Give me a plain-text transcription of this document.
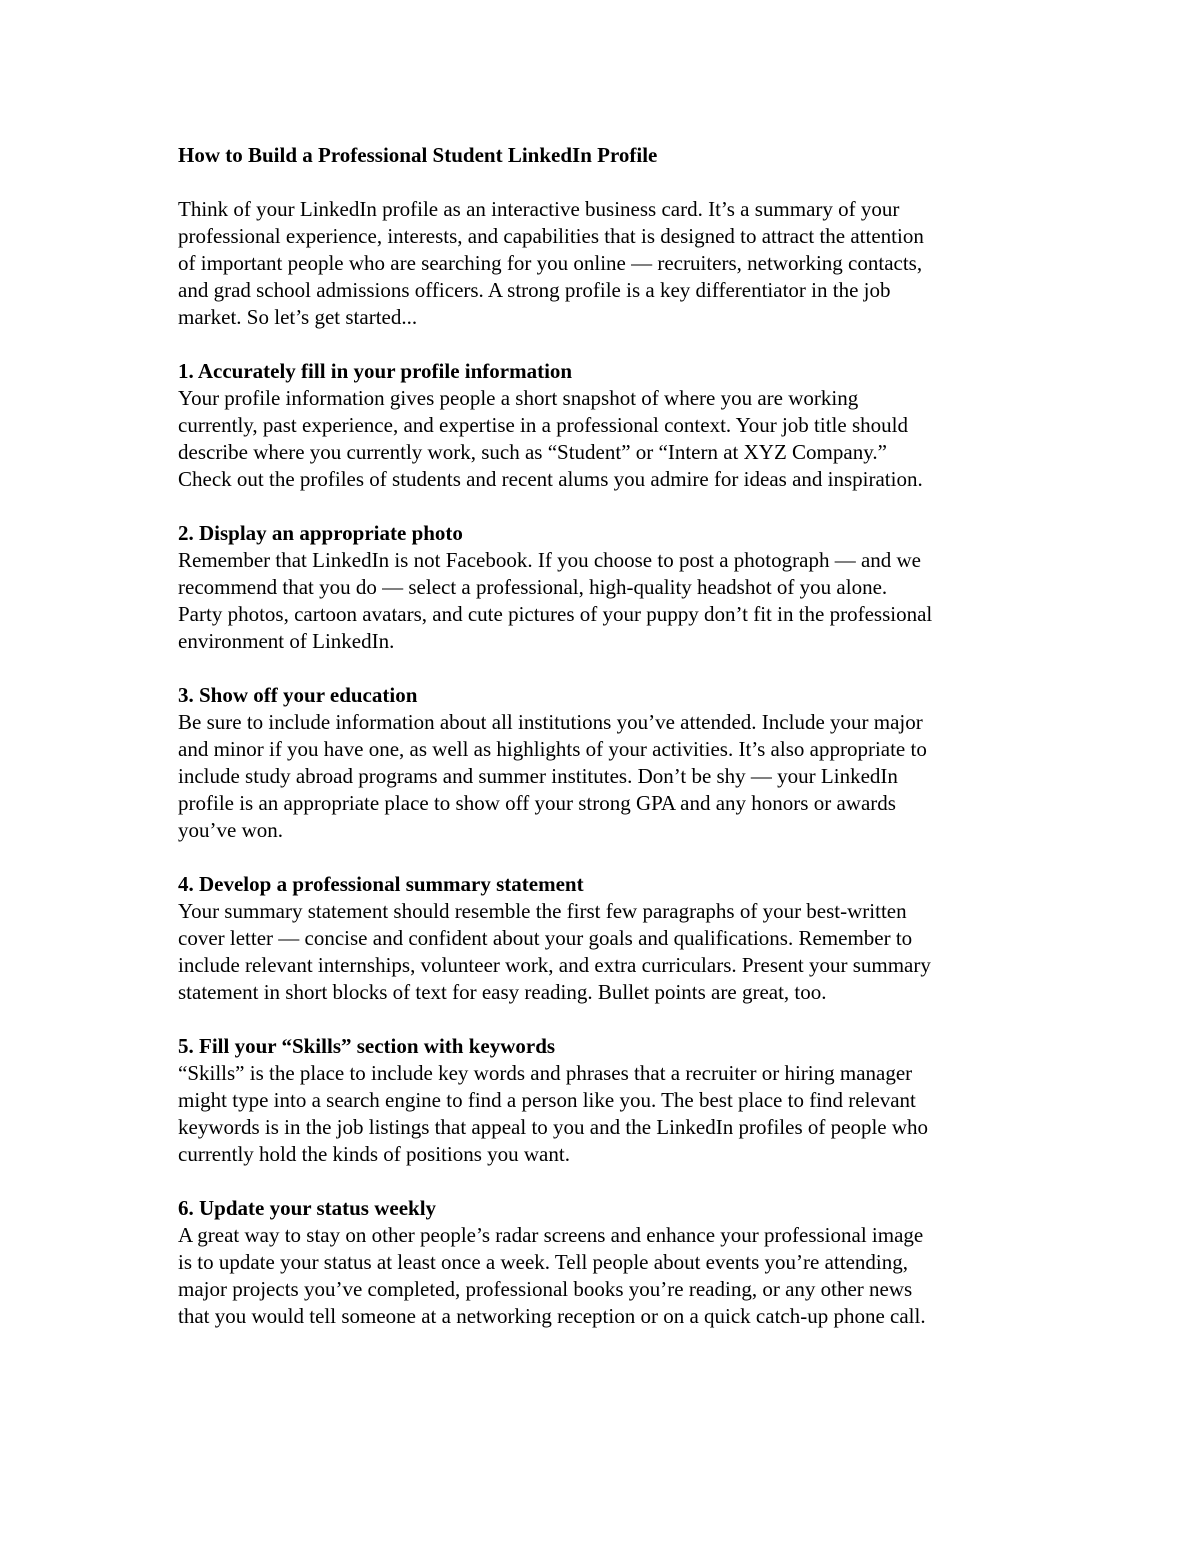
How to Build a Professional Student LinkedIn Profile

Think of your LinkedIn profile as an interactive business card. It’s a summary of your
professional experience, interests, and capabilities that is designed to attract the attention
of important people who are searching for you online — recruiters, networking contacts,
and grad school admissions officers. A strong profile is a key differentiator in the job
market. So let’s get started...

1. Accurately fill in your profile information

Your profile information gives people a short snapshot of where you are working
currently, past experience, and expertise in a professional context. Your job title should
describe where you currently work, such as “Student” or “Intern at XYZ Company.”
Check out the profiles of students and recent alums you admire for ideas and inspiration.

2. Display an appropriate photo

Remember that LinkedIn is not Facebook. If you choose to post a photograph — and we
recommend that you do — select a professional, high-quality headshot of you alone.
Party photos, cartoon avatars, and cute pictures of your puppy don’t fit in the professional
environment of LinkedIn.

3. Show off your education

Be sure to include information about all institutions you’ve attended. Include your major
and minor if you have one, as well as highlights of your activities. It’s also appropriate to
include study abroad programs and summer institutes. Don’t be shy — your LinkedIn
profile is an appropriate place to show off your strong GPA and any honors or awards
you’ve won.

4. Develop a professional summary statement

Your summary statement should resemble the first few paragraphs of your best-written
cover letter — concise and confident about your goals and qualifications. Remember to
include relevant internships, volunteer work, and extra curriculars. Present your summary
statement in short blocks of text for easy reading. Bullet points are great, too.

5. Fill your “Skills” section with keywords

“Skills” is the place to include key words and phrases that a recruiter or hiring manager
might type into a search engine to find a person like you. The best place to find relevant
keywords is in the job listings that appeal to you and the LinkedIn profiles of people who
currently hold the kinds of positions you want.

6. Update your status weekly

A great way to stay on other people’s radar screens and enhance your professional image
is to update your status at least once a week. Tell people about events you’re attending,
major projects you’ve completed, professional books you’re reading, or any other news
that you would tell someone at a networking reception or on a quick catch-up phone call.
